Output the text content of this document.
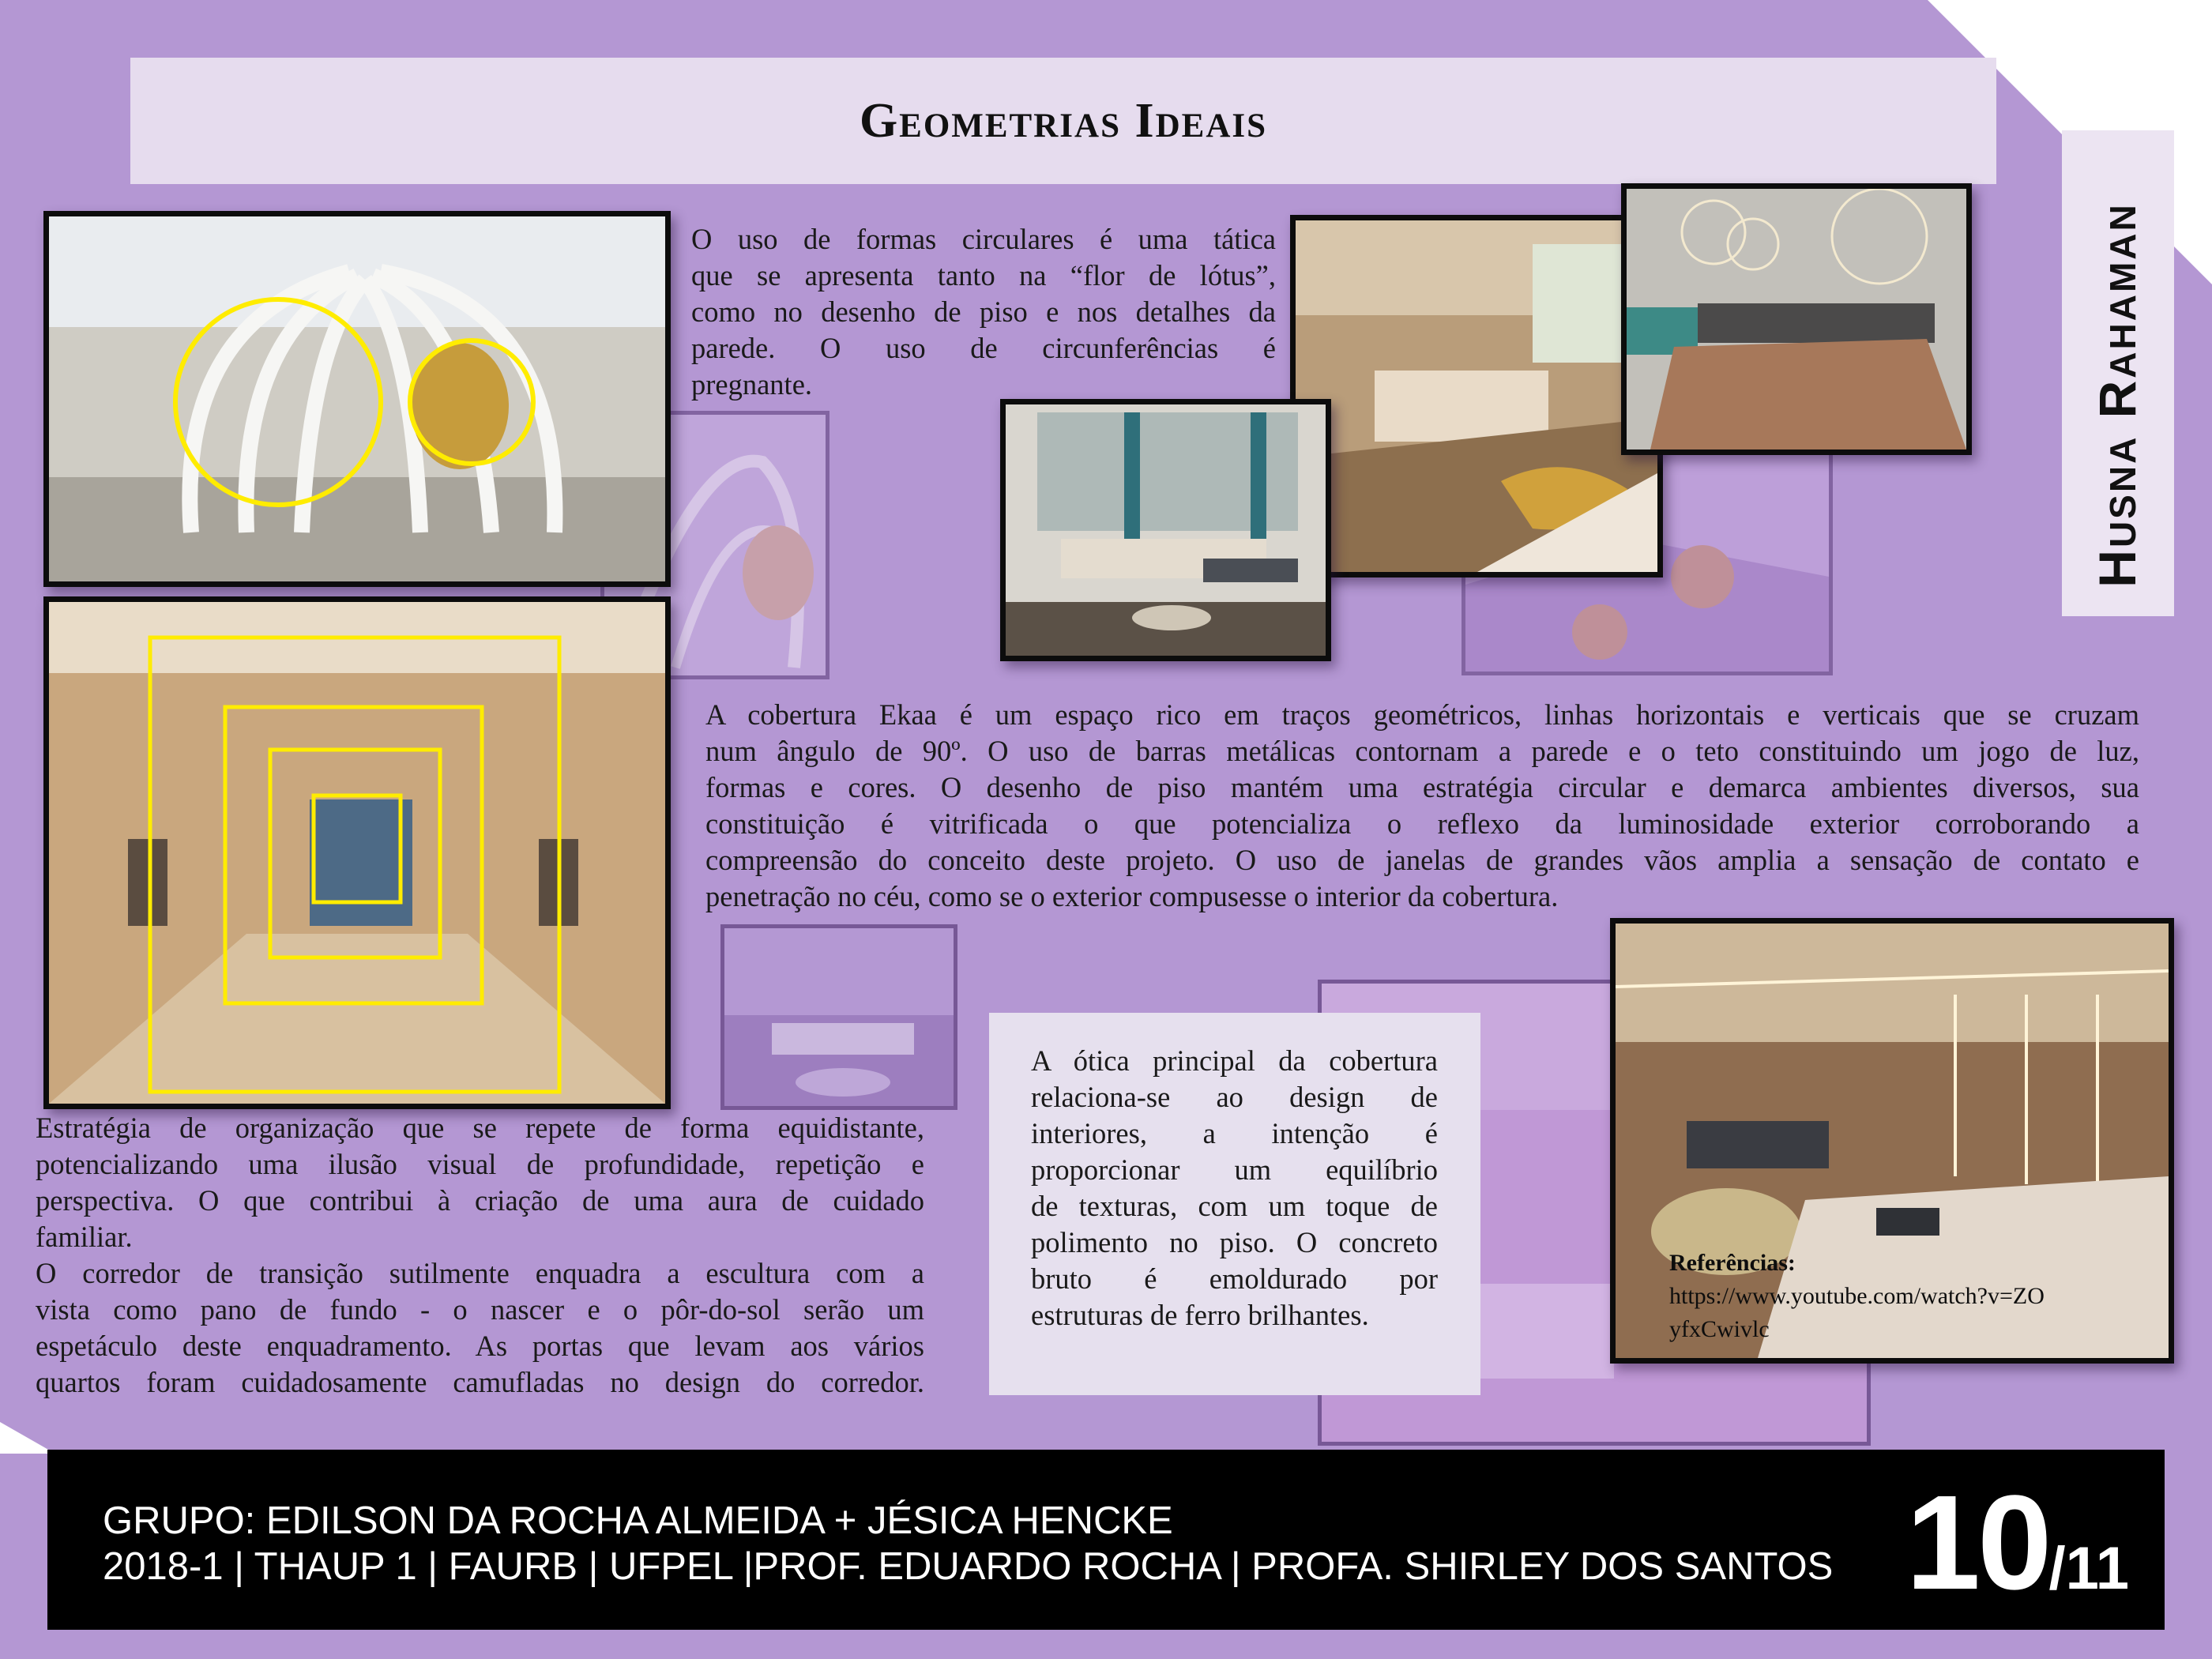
Geometrias Ideais
Husna Rahaman

O uso de formas circulares é uma tática
que se apresenta tanto na “flor de lótus”,
como no desenho de piso e nos detalhes da
parede. O uso de circunferências é
pregnante.

A cobertura Ekaa é um espaço rico em traços geométricos, linhas horizontais e verticais que se cruzam
num ângulo de 90º. O uso de barras metálicas contornam a parede e o teto constituindo um jogo de luz,
formas e cores. O desenho de piso mantém uma estratégia circular e demarca ambientes diversos, sua
constituição é vitrificada o que potencializa o reflexo da luminosidade exterior corroborando a
compreensão do conceito deste projeto. O uso de janelas de grandes vãos amplia a sensação de contato e
penetração no céu, como se o exterior compusesse o interior da cobertura.

Estratégia de organização que se repete de forma equidistante,
potencializando uma ilusão visual de profundidade, repetição e
perspectiva. O que contribui à criação de uma aura de cuidado
familiar.
O corredor de transição sutilmente enquadra a escultura com a
vista como pano de fundo - o nascer e o pôr-do-sol serão um
espetáculo deste enquadramento. As portas que levam aos vários
quartos foram cuidadosamente camufladas no design do corredor.

A ótica principal da cobertura
relaciona-se ao design de
interiores, a intenção é
proporcionar um equilíbrio
de texturas, com um toque de
polimento no piso. O concreto
bruto é emoldurado por
estruturas de ferro brilhantes.

Referências:
https://www.youtube.com/watch?v=ZO
yfxCwivlc
GRUPO: EDILSON DA ROCHA ALMEIDA + JÉSICA HENCKE
2018-1 | THAUP 1 | FAURB | UFPEL |PROF. EDUARDO ROCHA | PROFA. SHIRLEY DOS SANTOS 10/11
